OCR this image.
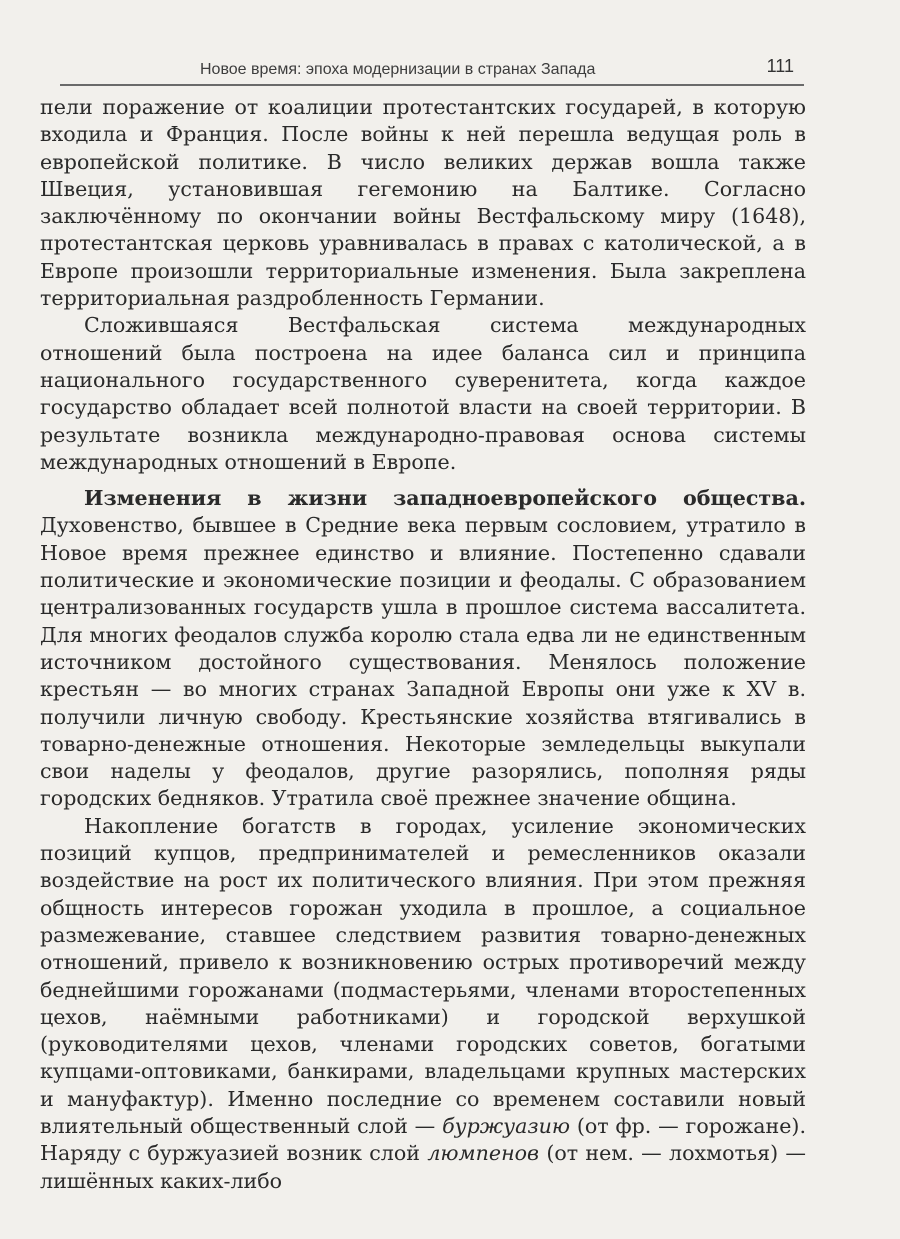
Новое время: эпоха модернизации в странах Запада	111

пели поражение от коалиции протестантских государей, в которую входила и Франция. После войны к ней перешла ведущая роль в европейской политике. В число великих держав вошла также Швеция, установившая гегемонию на Балтике. Согласно заключённому по окончании войны Вестфальскому миру (1648), протестантская церковь уравнивалась в правах с католической, а в Европе произошли территориальные изменения. Была закреплена территориальная раздробленность Германии.

Сложившаяся Вестфальская система международных отношений была построена на идее баланса сил и принципа национального государственного суверенитета, когда каждое государство обладает всей полнотой власти на своей территории. В результате возникла международно-правовая основа системы международных отношений в Европе.

Изменения в жизни западноевропейского общества. Духовенство, бывшее в Средние века первым сословием, утратило в Новое время прежнее единство и влияние. Постепенно сдавали политические и экономические позиции и феодалы. С образованием централизованных государств ушла в прошлое система вассалитета. Для многих феодалов служба королю стала едва ли не единственным источником достойного существования. Менялось положение крестьян — во многих странах Западной Европы они уже к XV в. получили личную свободу. Крестьянские хозяйства втягивались в товарно-денежные отношения. Некоторые земледельцы выкупали свои наделы у феодалов, другие разорялись, пополняя ряды городских бедняков. Утратила своё прежнее значение община.

Накопление богатств в городах, усиление экономических позиций купцов, предпринимателей и ремесленников оказали воздействие на рост их политического влияния. При этом прежняя общность интересов горожан уходила в прошлое, а социальное размежевание, ставшее следствием развития товарно-денежных отношений, привело к возникновению острых противоречий между беднейшими горожанами (подмастерьями, членами второстепенных цехов, наёмными работниками) и городской верхушкой (руководителями цехов, членами городских советов, богатыми купцами-оптовиками, банкирами, владельцами крупных мастерских и мануфактур). Именно последние со временем составили новый влиятельный общественный слой — буржуазию (от фр. — горожане). Наряду с буржуазией возник слой люмпенов (от нем. — лохмотья) — лишённых каких-либо
